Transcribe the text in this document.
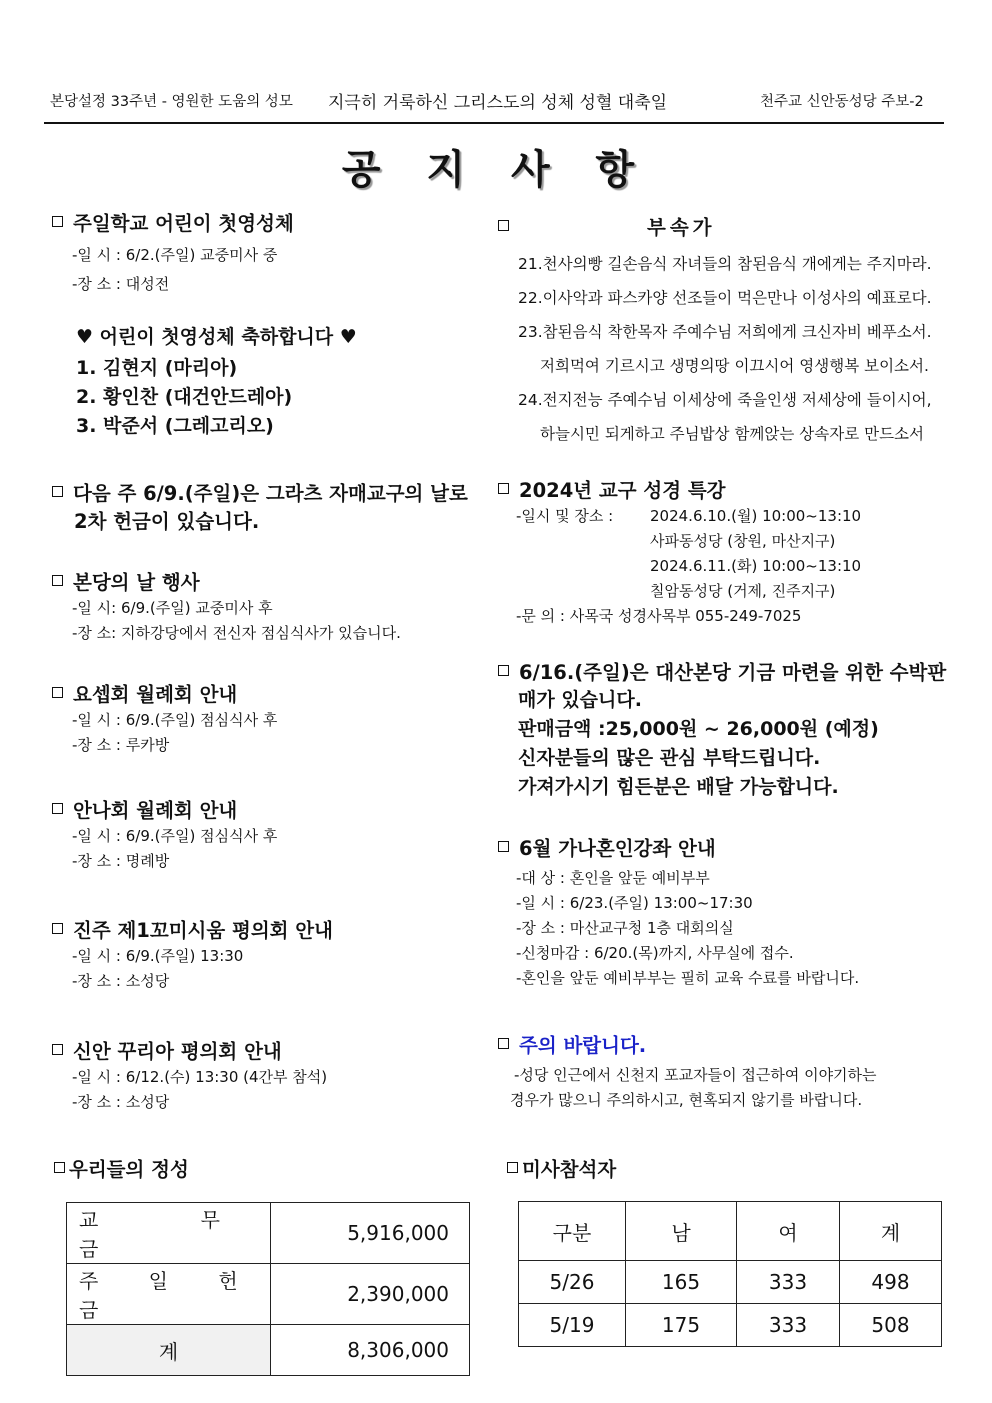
본당설정 33주년 - 영원한 도움의 성모 지극히 거룩하신 그리스도의 성체 성혈 대축일	천주교 신안동성당 주보-2
공 지 사 항
주일학교 어린이 첫영성체
-일 시 : 6/2.(주일) 교중미사 중
-장 소 : 대성전
♥ 어린이 첫영성체 축하합니다 ♥
1. 김현지 (마리아)
2. 황인찬 (대건안드레아)
3. 박준서 (그레고리오)
다음 주 6/9.(주일)은 그라츠 자매교구의 날로
2차 헌금이 있습니다.
본당의 날 행사
-일 시: 6/9.(주일) 교중미사 후
-장 소: 지하강당에서 전신자 점심식사가 있습니다.
요셉회 월례회 안내
-일 시 : 6/9.(주일) 점심식사 후
-장 소 : 루카방
안나회 월례회 안내
-일 시 : 6/9.(주일) 점심식사 후
-장 소 : 명례방
진주 제1꼬미시움 평의회 안내
-일 시 : 6/9.(주일) 13:30
-장 소 : 소성당
신안 꾸리아 평의회 안내
-일 시 : 6/12.(수) 13:30 (4간부 참석)
-장 소 : 소성당
부속가
21.천사의빵 길손음식 자녀들의 참된음식 개에게는 주지마라.
22.이사악과 파스카양 선조들이 먹은만나 이성사의 예표로다.
23.참된음식 착한목자 주예수님 저희에게 크신자비 베푸소서.
저희먹여 기르시고 생명의땅 이끄시어 영생행복 보이소서.
24.전지전능 주예수님 이세상에 죽을인생 저세상에 들이시어,
하늘시민 되게하고 주님밥상 함께앉는 상속자로 만드소서
2024년 교구 성경 특강
-일시 및 장소 : 2024.6.10.(월) 10:00~13:10
사파동성당 (창원, 마산지구)
2024.6.11.(화) 10:00~13:10
칠암동성당 (거제, 진주지구)
-문 의 : 사목국 성경사목부 055-249-7025
6/16.(주일)은 대산본당 기금 마련을 위한 수박판
매가 있습니다.
판매금액 :25,000원 ~ 26,000원 (예정)
신자분들의 많은 관심 부탁드립니다.
가져가시기 힘든분은 배달 가능합니다.
6월 가나혼인강좌 안내
-대 상 : 혼인을 앞둔 예비부부
-일 시 : 6/23.(주일) 13:00~17:30
-장 소 : 마산교구청 1층 대회의실
-신청마감 : 6/20.(목)까지, 사무실에 접수.
-혼인을 앞둔 예비부부는 필히 교육 수료를 바랍니다.
주의 바랍니다.
-성당 인근에서 신천지 포교자들이 접근하여 이야기하는
경우가 많으니 주의하시고, 현혹되지 않기를 바랍니다.
우리들의 정성
교 무 금	5,916,000
주 일 헌 금	2,390,000
계	8,306,000
미사참석자
구분	남	여	계
5/26	165	333	498
5/19	175	333	508
